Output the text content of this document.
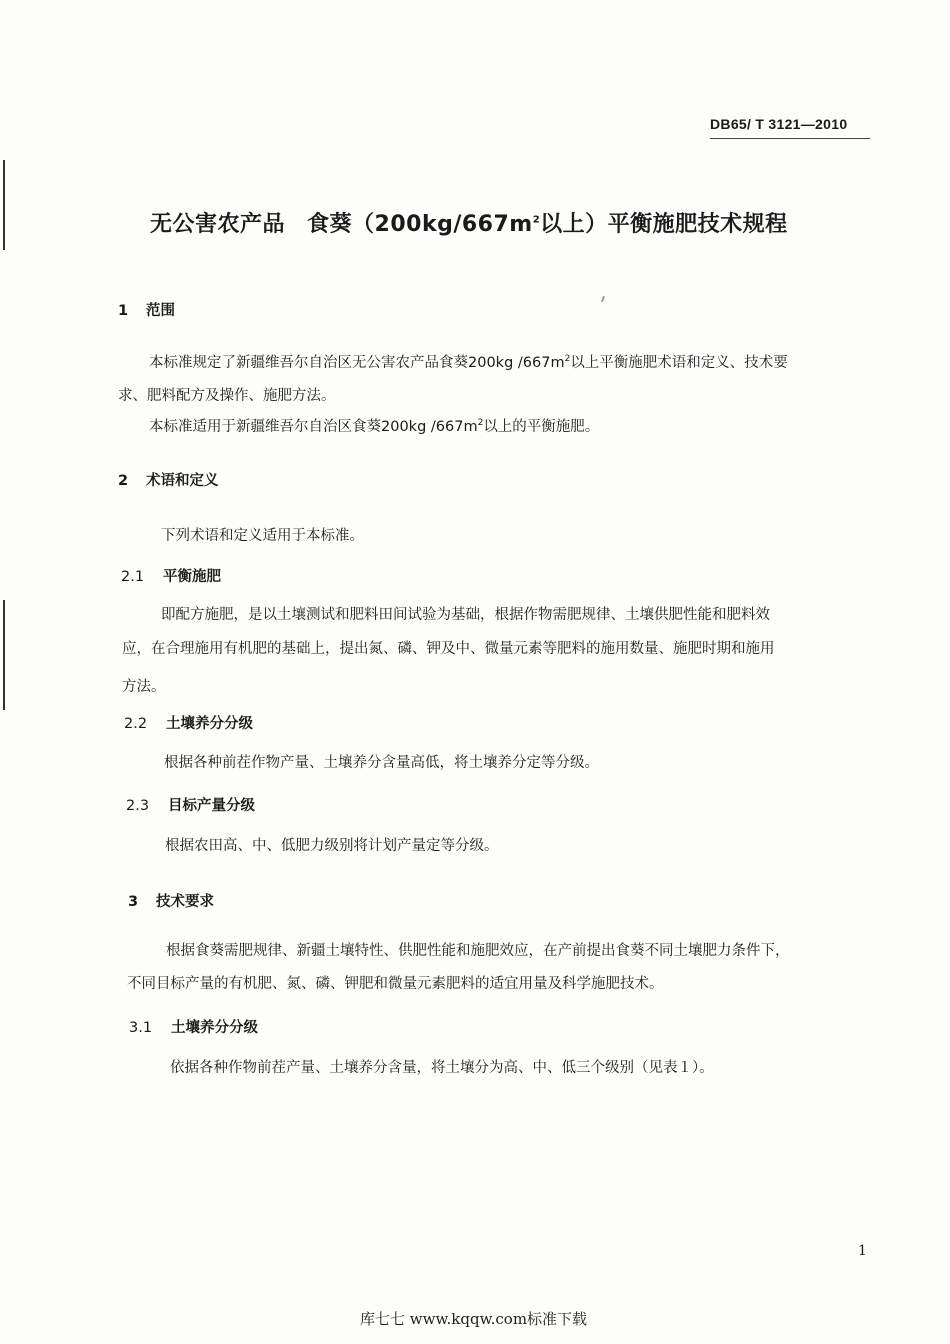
DB65/ T 3121—2010
无公害农产品 食葵（$200kg/667m^2$以上）平衡施肥技术规程
1 范围
本标准规定了新疆维吾尔自治区无公害农产品食葵200kg $/667m^2$以上平衡施肥术语和定义、技术要
求、肥料配方及操作、施肥方法。
本标准适用于新疆维吾尔自治区食葵200kg $/667m^2$以上的平衡施肥。
2 术语和定义
下列术语和定义适用于本标准。
2.1 平衡施肥
即配方施肥，是以土壤测试和肥料田间试验为基础，根据作物需肥规律、土壤供肥性能和肥料效
应，在合理施用有机肥的基础上，提出氮、磷、钾及中、微量元素等肥料的施用数量、施肥时期和施用
方法。
2.2 土壤养分分级
根据各种前茬作物产量、土壤养分含量高低，将土壤养分定等分级。
2.3 目标产量分级
根据农田高、中、低肥力级别将计划产量定等分级。
3 技术要求
根据食葵需肥规律、新疆土壤特性、供肥性能和施肥效应，在产前提出食葵不同土壤肥力条件下，
不同目标产量的有机肥、氮、磷、钾肥和微量元素肥料的适宜用量及科学施肥技术。
3.1 土壤养分分级
依据各种作物前茬产量、土壤养分含量，将土壤分为高、中、低三个级别（见表１）。
1
库七七 www.kqqw.com标准下载
